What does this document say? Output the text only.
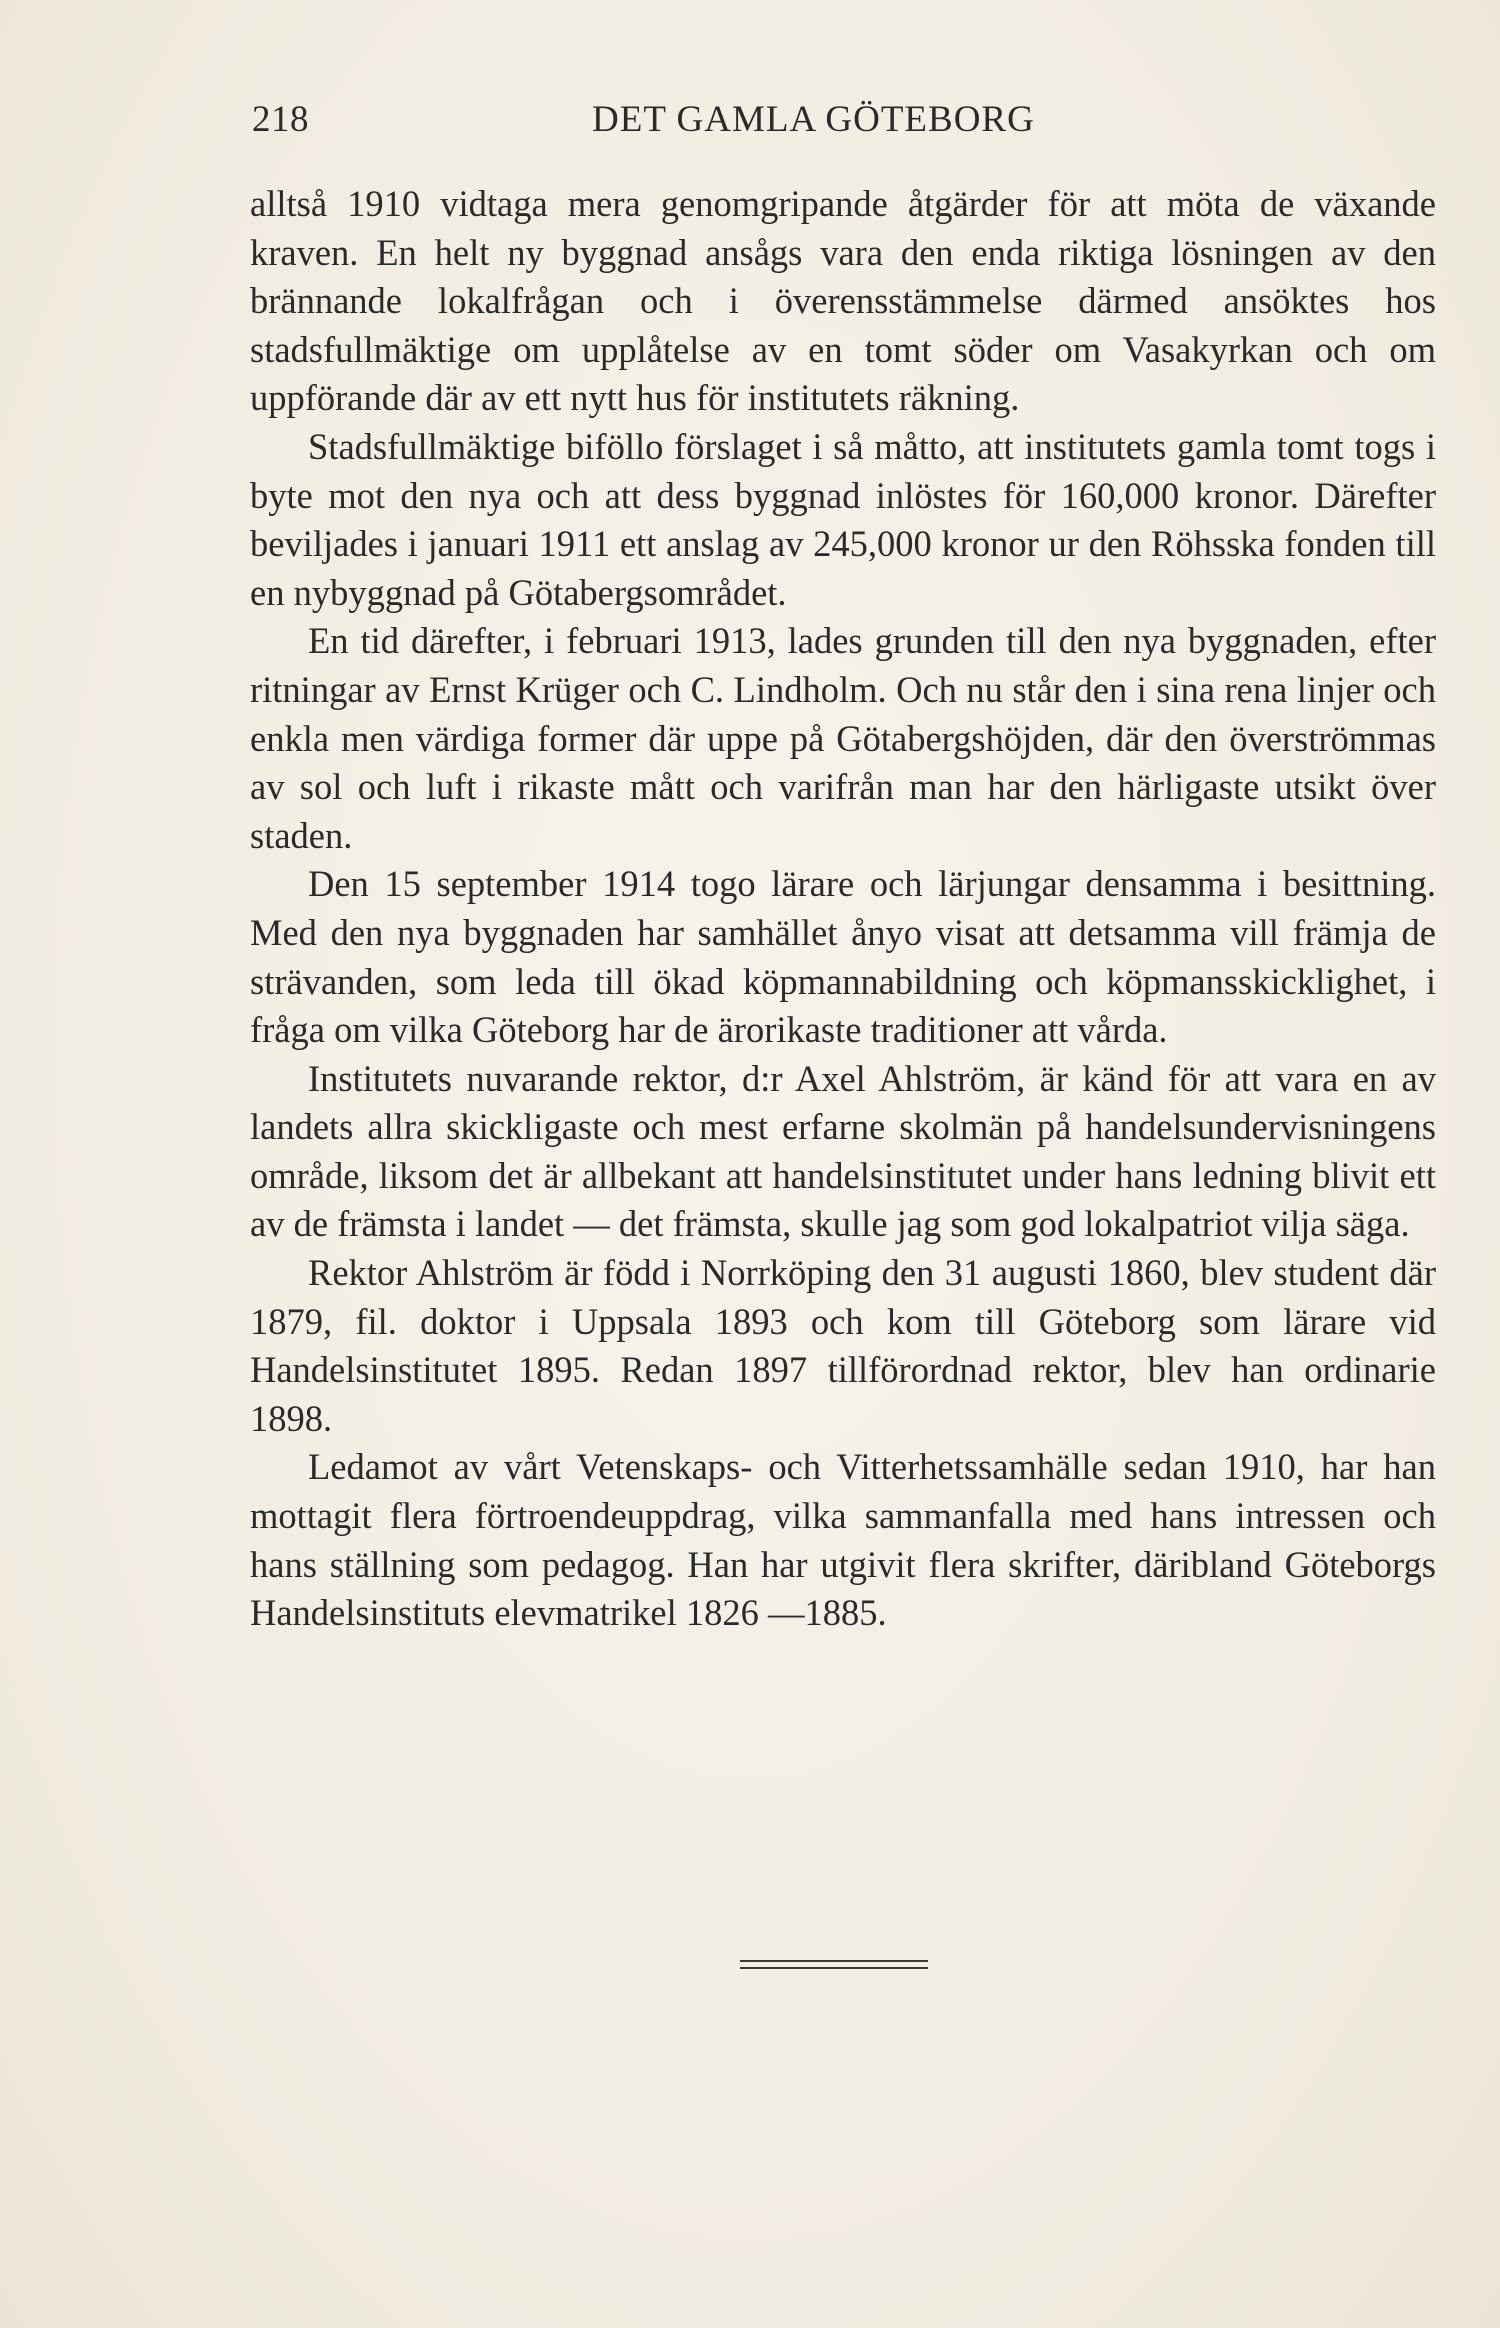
218	DET GAMLA GÖTEBORG

alltså 1910 vidtaga mera genomgripande åtgärder för att möta de växande kraven. En helt ny byggnad ansågs vara den enda riktiga lösningen av den brännande lokalfrågan och i överensstämmelse därmed ansöktes hos stadsfullmäktige om upplåtelse av en tomt söder om Vasakyrkan och om uppförande där av ett nytt hus för institutets räkning.

Stadsfullmäktige biföllo förslaget i så måtto, att institutets gamla tomt togs i byte mot den nya och att dess byggnad inlöstes för 160,000 kronor. Därefter beviljades i januari 1911 ett anslag av 245,000 kronor ur den Röhsska fonden till en nybyggnad på Götabergsområdet.

En tid därefter, i februari 1913, lades grunden till den nya byggnaden, efter ritningar av Ernst Krüger och C. Lindholm. Och nu står den i sina rena linjer och enkla men värdiga former där uppe på Götabergshöjden, där den överströmmas av sol och luft i rikaste mått och varifrån man har den härligaste utsikt över staden.

Den 15 september 1914 togo lärare och lärjungar densamma i besittning. Med den nya byggnaden har samhället ånyo visat att detsamma vill främja de strävanden, som leda till ökad köpmannabildning och köpmansskicklighet, i fråga om vilka Göteborg har de ärorikaste traditioner att vårda.

Institutets nuvarande rektor, d:r Axel Ahlström, är känd för att vara en av landets allra skickligaste och mest erfarne skolmän på handelsundervisningens område, liksom det är allbekant att handelsinstitutet under hans ledning blivit ett av de främsta i landet — det främsta, skulle jag som god lokalpatriot vilja säga.

Rektor Ahlström är född i Norrköping den 31 augusti 1860, blev student där 1879, fil. doktor i Uppsala 1893 och kom till Göteborg som lärare vid Handelsinstitutet 1895. Redan 1897 tillförordnad rektor, blev han ordinarie 1898.

Ledamot av vårt Vetenskaps- och Vitterhetssamhälle sedan 1910, har han mottagit flera förtroendeuppdrag, vilka sammanfalla med hans intressen och hans ställning som pedagog. Han har utgivit flera skrifter, däribland Göteborgs Handelsinstituts elevmatrikel 1826 —1885.
